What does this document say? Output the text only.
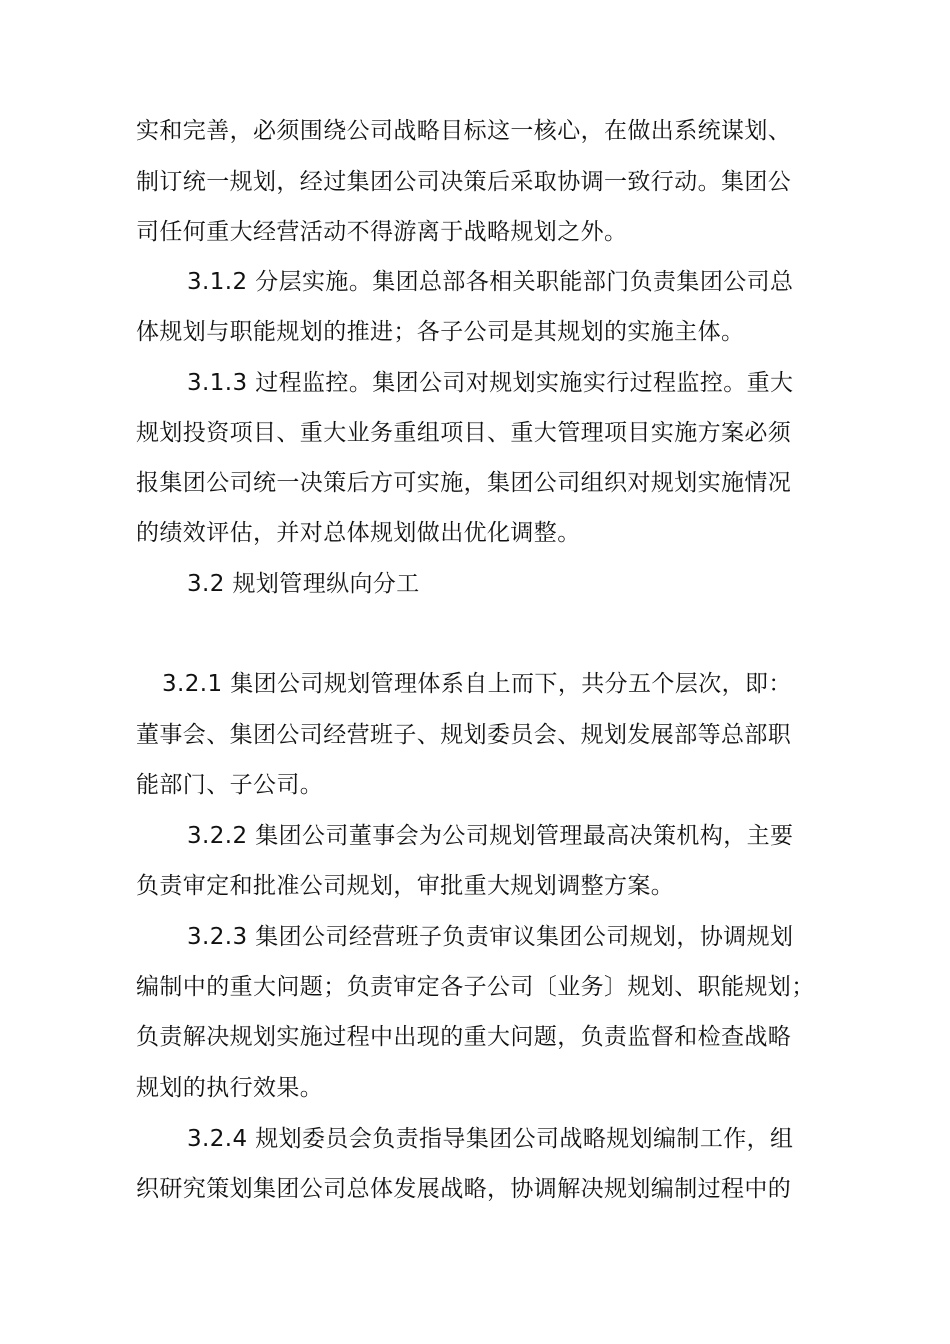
实和完善，必须围绕公司战略目标这一核心，在做出系统谋划、
制订统一规划，经过集团公司决策后采取协调一致行动。集团公
司任何重大经营活动不得游离于战略规划之外。
3.1.2 分层实施。集团总部各相关职能部门负责集团公司总
体规划与职能规划的推进；各子公司是其规划的实施主体。
3.1.3 过程监控。集团公司对规划实施实行过程监控。重大
规划投资项目、重大业务重组项目、重大管理项目实施方案必须
报集团公司统一决策后方可实施，集团公司组织对规划实施情况
的绩效评估，并对总体规划做出优化调整。
3.2 规划管理纵向分工
3.2.1 集团公司规划管理体系自上而下，共分五个层次，即：
董事会、集团公司经营班子、规划委员会、规划发展部等总部职
能部门、子公司。
3.2.2 集团公司董事会为公司规划管理最高决策机构，主要
负责审定和批准公司规划，审批重大规划调整方案。
3.2.3 集团公司经营班子负责审议集团公司规划，协调规划
编制中的重大问题；负责审定各子公司〔业务〕规划、职能规划；
负责解决规划实施过程中出现的重大问题，负责监督和检查战略
规划的执行效果。
3.2.4 规划委员会负责指导集团公司战略规划编制工作，组
织研究策划集团公司总体发展战略，协调解决规划编制过程中的
